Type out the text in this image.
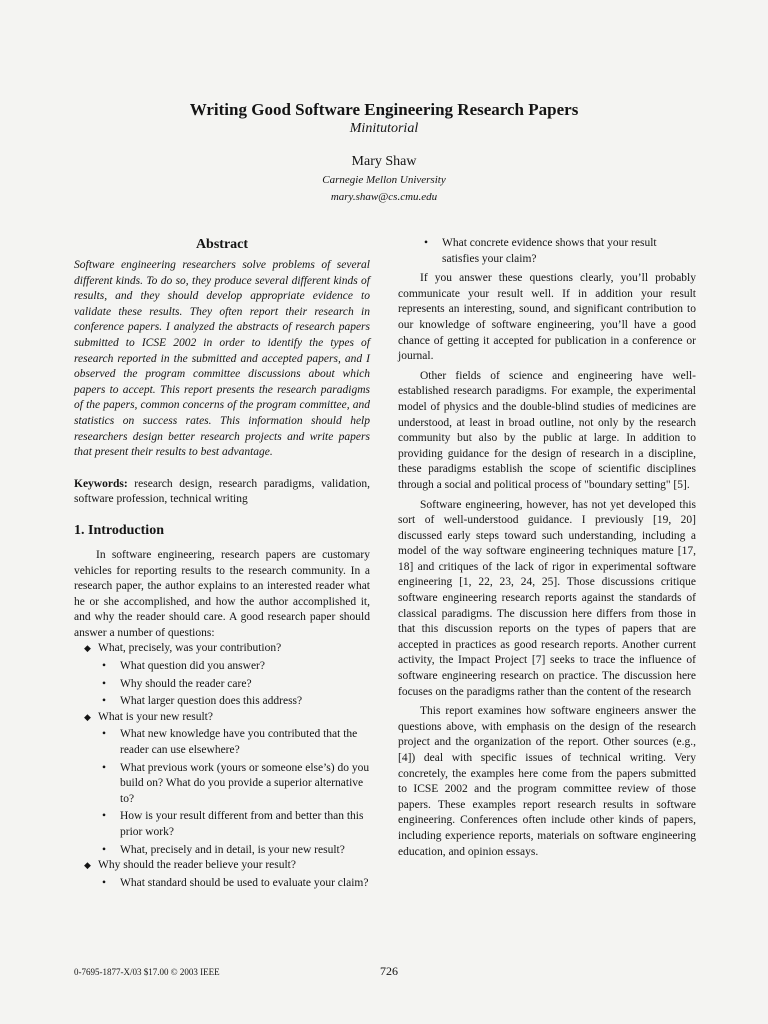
Writing Good Software Engineering Research Papers
Minitutorial
Mary Shaw
Carnegie Mellon University
mary.shaw@cs.cmu.edu
Abstract

Software engineering researchers solve problems of several different kinds. To do so, they produce several different kinds of results, and they should develop appropriate evidence to validate these results. They often report their research in conference papers. I analyzed the abstracts of research papers submitted to ICSE 2002 in order to identify the types of research reported in the submitted and accepted papers, and I observed the program committee discussions about which papers to accept. This report presents the research paradigms of the papers, common concerns of the program committee, and statistics on success rates. This information should help researchers design better research projects and write papers that present their results to best advantage.

Keywords: research design, research paradigms, validation, software profession, technical writing

1. Introduction

In software engineering, research papers are customary vehicles for reporting results to the research community. In a research paper, the author explains to an interested reader what he or she accomplished, and how the author accomplished it, and why the reader should care. A good research paper should answer a number of questions:

◆ What, precisely, was your contribution?
• What question did you answer?
• Why should the reader care?
• What larger question does this address?
◆ What is your new result?
• What new knowledge have you contributed that the reader can use elsewhere?
• What previous work (yours or someone else’s) do you build on? What do you provide a superior alternative to?
• How is your result different from and better than this prior work?
• What, precisely and in detail, is your new result?
◆ Why should the reader believe your result?
• What standard should be used to evaluate your claim?
• What concrete evidence shows that your result satisfies your claim?

If you answer these questions clearly, you’ll probably communicate your result well. If in addition your result represents an interesting, sound, and significant contribution to our knowledge of software engineering, you’ll have a good chance of getting it accepted for publication in a conference or journal.

Other fields of science and engineering have well-established research paradigms. For example, the experimental model of physics and the double-blind studies of medicines are understood, at least in broad outline, not only by the research community but also by the public at large. In addition to providing guidance for the design of research in a discipline, these paradigms establish the scope of scientific disciplines through a social and political process of "boundary setting" [5].

Software engineering, however, has not yet developed this sort of well-understood guidance. I previously [19, 20] discussed early steps toward such understanding, including a model of the way software engineering techniques mature [17, 18] and critiques of the lack of rigor in experimental software engineering [1, 22, 23, 24, 25]. Those discussions critique software engineering research reports against the standards of classical paradigms. The discussion here differs from those in that this discussion reports on the types of papers that are accepted in practices as good research reports. Another current activity, the Impact Project [7] seeks to trace the influence of software engineering research on practice. The discussion here focuses on the paradigms rather than the content of the research

This report examines how software engineers answer the questions above, with emphasis on the design of the research project and the organization of the report. Other sources (e.g., [4]) deal with specific issues of technical writing. Very concretely, the examples here come from the papers submitted to ICSE 2002 and the program committee review of those papers. These examples report research results in software engineering. Conferences often include other kinds of papers, including experience reports, materials on software engineering education, and opinion essays.

0-7695-1877-X/03 $17.00 © 2003 IEEE	726
